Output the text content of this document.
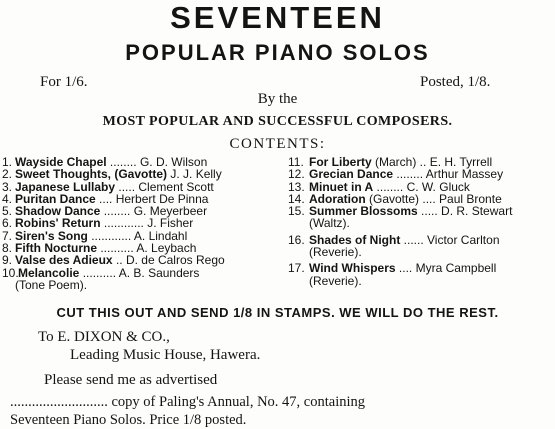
SEVENTEEN
POPULAR PIANO SOLOS
For 1/6.	Posted, 1/8.
By the
MOST POPULAR AND SUCCESSFUL COMPOSERS.
CONTENTS:
1. Wayside Chapel ........ G. D. Wilson
2. Sweet Thoughts, (Gavotte) J. J. Kelly
3. Japanese Lullaby ..... Clement Scott
4. Puritan Dance .... Herbert De Pinna
5. Shadow Dance ........ G. Meyerbeer
6. Robins' Return ............ J. Fisher
7. Siren's Song ............ A. Lindahl
8. Fifth Nocturne .......... A. Leybach
9. Valse des Adieux .. D. de Calros Rego
10.Melancolie .......... A. B. Saunders
(Tone Poem).
11. For Liberty (March) .. E. H. Tyrrell
12. Grecian Dance ........ Arthur Massey
13. Minuet in A ........ C. W. Gluck
14. Adoration (Gavotte) .... Paul Bronte
15. Summer Blossoms ..... D. R. Stewart
(Waltz).
16. Shades of Night ...... Victor Carlton
(Reverie).
17. Wind Whispers .... Myra Campbell
(Reverie).
CUT THIS OUT AND SEND 1/8 IN STAMPS. WE WILL DO THE REST.
To E. DIXON & CO.,
Leading Music House, Hawera.
Please send me as advertised
........................... copy of Paling's Annual, No. 47, containing
Seventeen Piano Solos. Price 1/8 posted.
